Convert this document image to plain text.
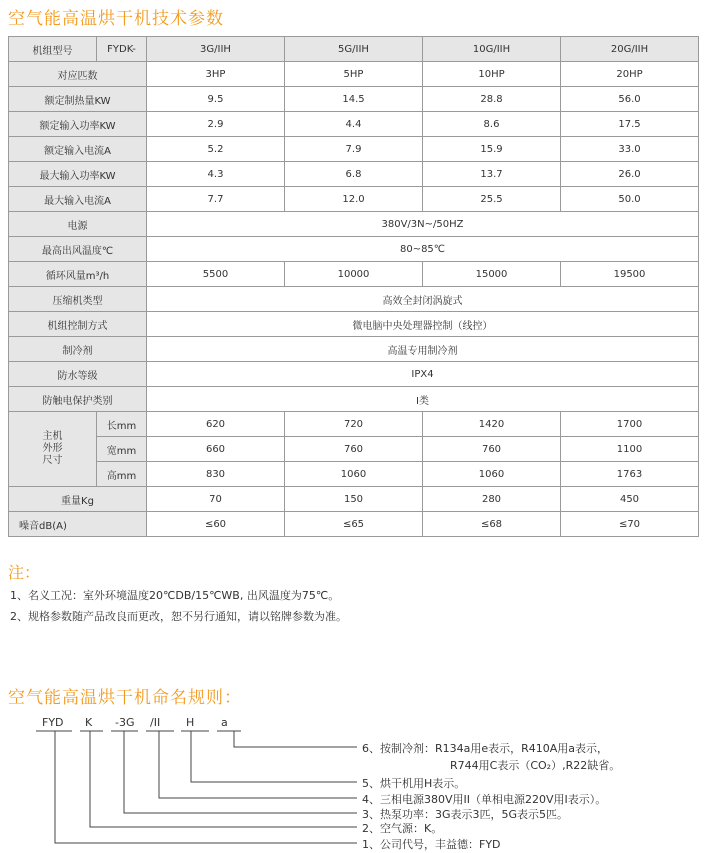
空气能高温烘干机技术参数
机组型号	FYDK-	3G/IIH	5G/IIH	10G/IIH	20G/IIH
对应匹数		3HP	5HP	10HP	20HP
额定制热量KW		9.5	14.5	28.8	56.0
额定输入功率KW		2.9	4.4	8.6	17.5
额定输入电流A		5.2	7.9	15.9	33.0
最大输入功率KW		4.3	6.8	13.7	26.0
最大输入电流A		7.7	12.0	25.5	50.0
电源		380V/3N~/50HZ			
最高出风温度℃		80~85℃			
循环风量m³/h		5500	10000	15000	19500
压缩机类型		高效全封闭涡旋式			
机组控制方式		微电脑中央处理器控制（线控）			
制冷剂		高温专用制冷剂			
防水等级		IPX4			
防触电保护类别		I类			

主机
外形
尺寸	长mm	620	720	1420	1700
	宽mm	660	760	760	1100
	高mm	830	1060	1060	1763
重量Kg		70	150	280	450
噪音dB(A)		≤60	≤65	≤68	≤70
注：
1、名义工况：室外环境温度20℃DB/15℃WB, 出风温度为75℃。
2、规格参数随产品改良而更改，恕不另行通知，请以铭牌参数为准。
空气能高温烘干机命名规则：
FYD K -3G /II H a
6、按制冷剂：R134a用e表示，R410A用a表示，
R744用C表示（CO₂）,R22缺省。
5、烘干机用H表示。
4、三相电源380V用II（单相电源220V用I表示）。
3、热泵功率：3G表示3匹，5G表示5匹。
2、空气源：K。
1、公司代号，丰益德：FYD
